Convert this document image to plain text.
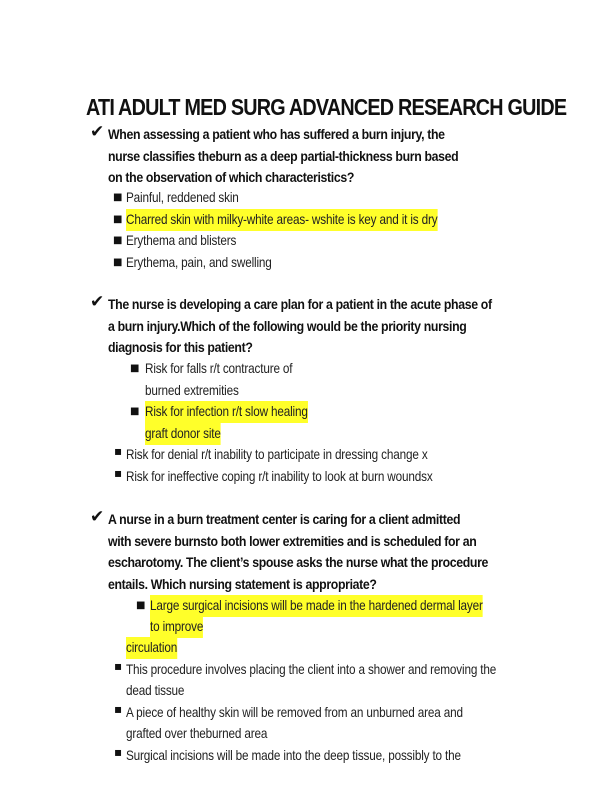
ATI ADULT MED SURG ADVANCED RESEARCH GUIDE
✔ When assessing a patient who has suffered a burn injury, the
nurse classifies theburn as a deep partial-thickness burn based
on the observation of which characteristics?
■ Painful, reddened skin
■ Charred skin with milky-white areas- wshite is key and it is dry
■ Erythema and blisters
■ Erythema, pain, and swelling
✔ The nurse is developing a care plan for a patient in the acute phase of
a burn injury.Which of the following would be the priority nursing
diagnosis for this patient?
■ Risk for falls r/t contracture of
burned extremities
■ Risk for infection r/t slow healing
graft donor site
▪ Risk for denial r/t inability to participate in dressing change x
▪ Risk for ineffective coping r/t inability to look at burn woundsx
✔ A nurse in a burn treatment center is caring for a client admitted
with severe burnsto both lower extremities and is scheduled for an
escharotomy. The client’s spouse asks the nurse what the procedure
entails. Which nursing statement is appropriate?
■ Large surgical incisions will be made in the hardened dermal layer
to improve
circulation
▪ This procedure involves placing the client into a shower and removing the
dead tissue
▪ A piece of healthy skin will be removed from an unburned area and
grafted over theburned area
▪ Surgical incisions will be made into the deep tissue, possibly to the
